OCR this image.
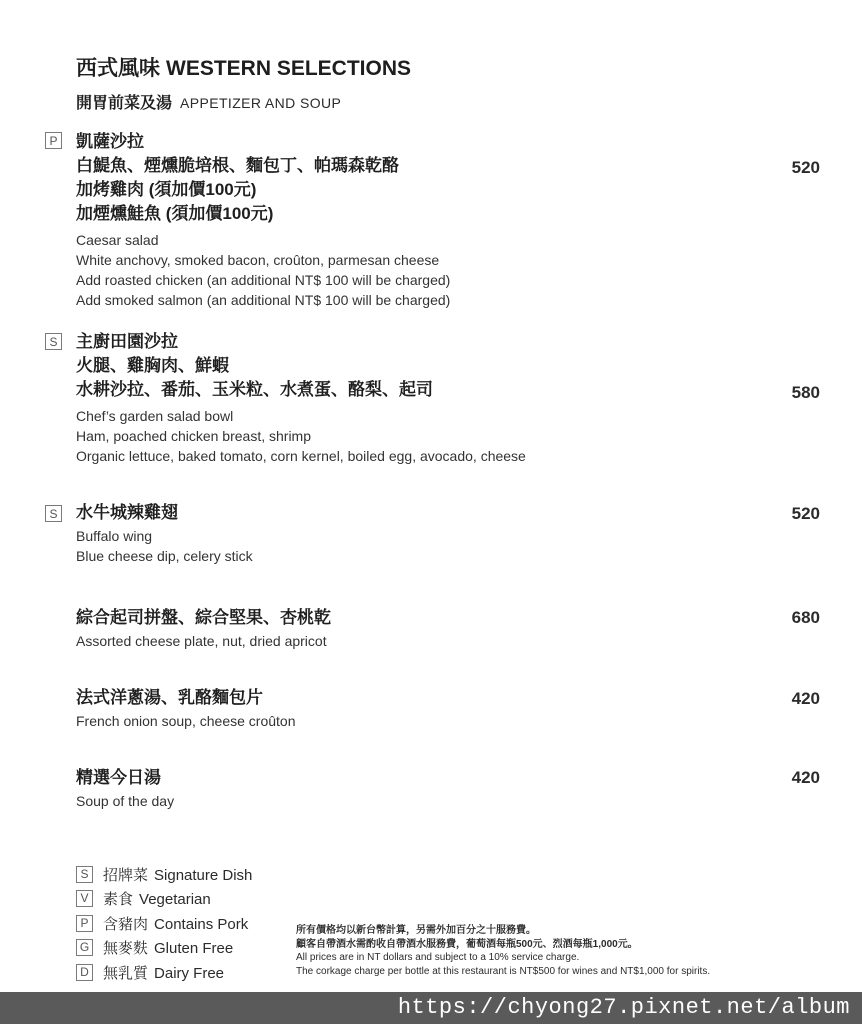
西式風味 WESTERN SELECTIONS
開胃前菜及湯 APPETIZER AND SOUP
P 凱薩沙拉
白鯷魚、煙燻脆培根、麵包丁、帕瑪森乾酪
加烤雞肉 (須加價100元)
加煙燻鮭魚 (須加價100元)
Caesar salad
White anchovy, smoked bacon, croûton, parmesan cheese
Add roasted chicken (an additional NT$ 100 will be charged)
Add smoked salmon (an additional NT$ 100 will be charged)
520
S 主廚田園沙拉
火腿、雞胸肉、鮮蝦
水耕沙拉、番茄、玉米粒、水煮蛋、酪梨、起司
Chef’s garden salad bowl
Ham, poached chicken breast, shrimp
Organic lettuce, baked tomato, corn kernel, boiled egg, avocado, cheese
580
S 水牛城辣雞翅
Buffalo wing
Blue cheese dip, celery stick
520
綜合起司拼盤、綜合堅果、杏桃乾
Assorted cheese plate, nut, dried apricot
680
法式洋蔥湯、乳酪麵包片
French onion soup, cheese croûton
420
精選今日湯
Soup of the day
420
S 招牌菜 Signature Dish
V 素食 Vegetarian
P 含豬肉 Contains Pork
G 無麥麩 Gluten Free
D 無乳質 Dairy Free
所有價格均以新台幣計算，另需外加百分之十服務費。
顧客自帶酒水需酌收自帶酒水服務費，葡萄酒每瓶500元、烈酒每瓶1,000元。
All prices are in NT dollars and subject to a 10% service charge.
The corkage charge per bottle at this restaurant is NT$500 for wines and NT$1,000 for spirits.
https://chyong27.pixnet.net/album
